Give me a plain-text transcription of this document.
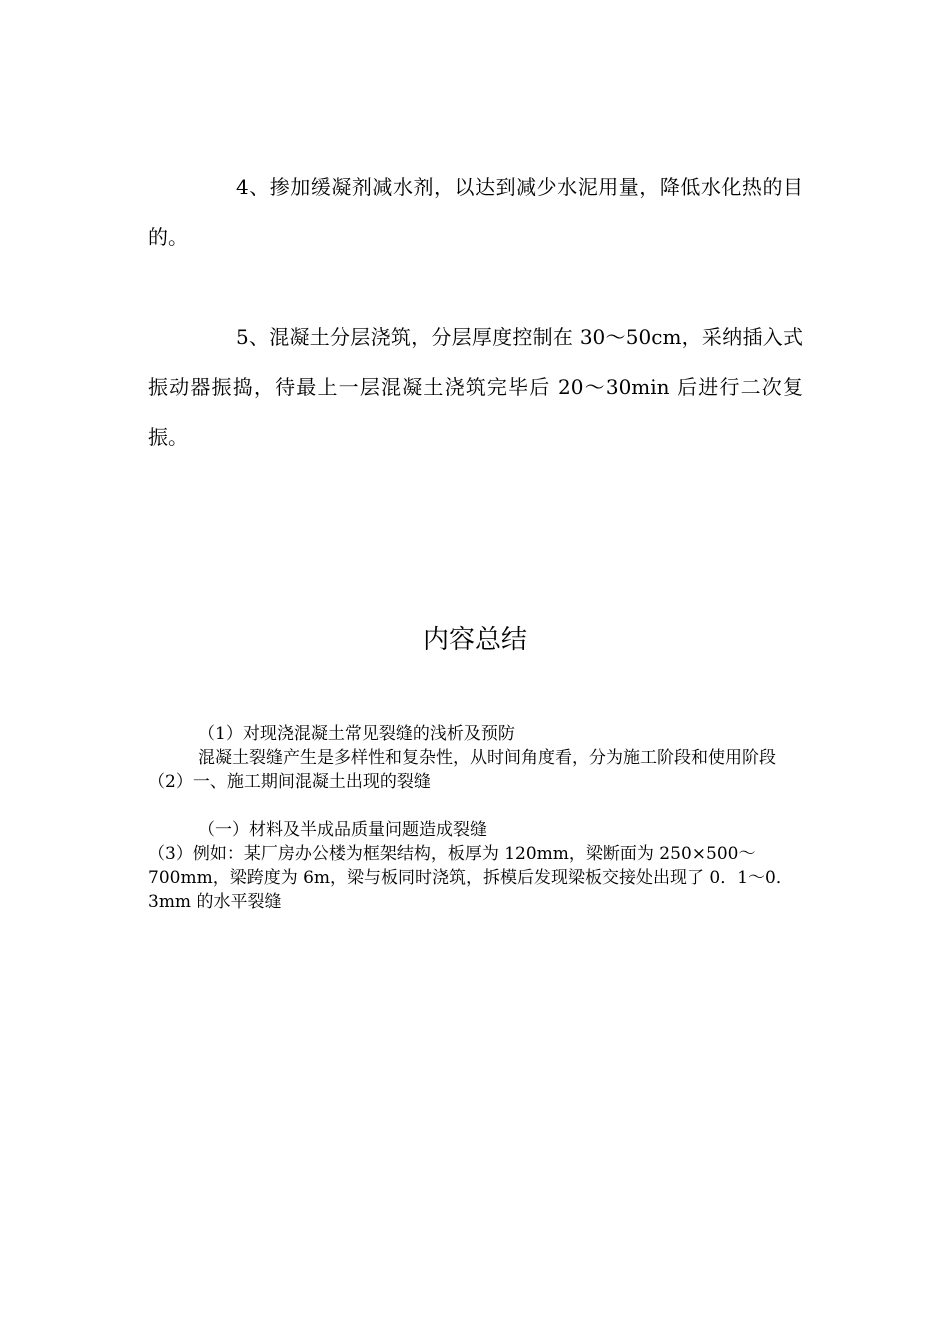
4、掺加缓凝剂减水剂，以达到减少水泥用量，降低水化热的目的。

5、混凝土分层浇筑，分层厚度控制在 30～50cm，采纳插入式振动器振捣，待最上一层混凝土浇筑完毕后 20～30min 后进行二次复振。

内容总结

（1）对现浇混凝土常见裂缝的浅析及预防

混凝土裂缝产生是多样性和复杂性，从时间角度看，分为施工阶段和使用阶段

（2）一、施工期间混凝土出现的裂缝

（一）材料及半成品质量问题造成裂缝

（3）例如：某厂房办公楼为框架结构，板厚为 120mm，梁断面为 250×500～700mm，梁跨度为 6m，梁与板同时浇筑，拆模后发现梁板交接处出现了 0．1～0．3mm 的水平裂缝
